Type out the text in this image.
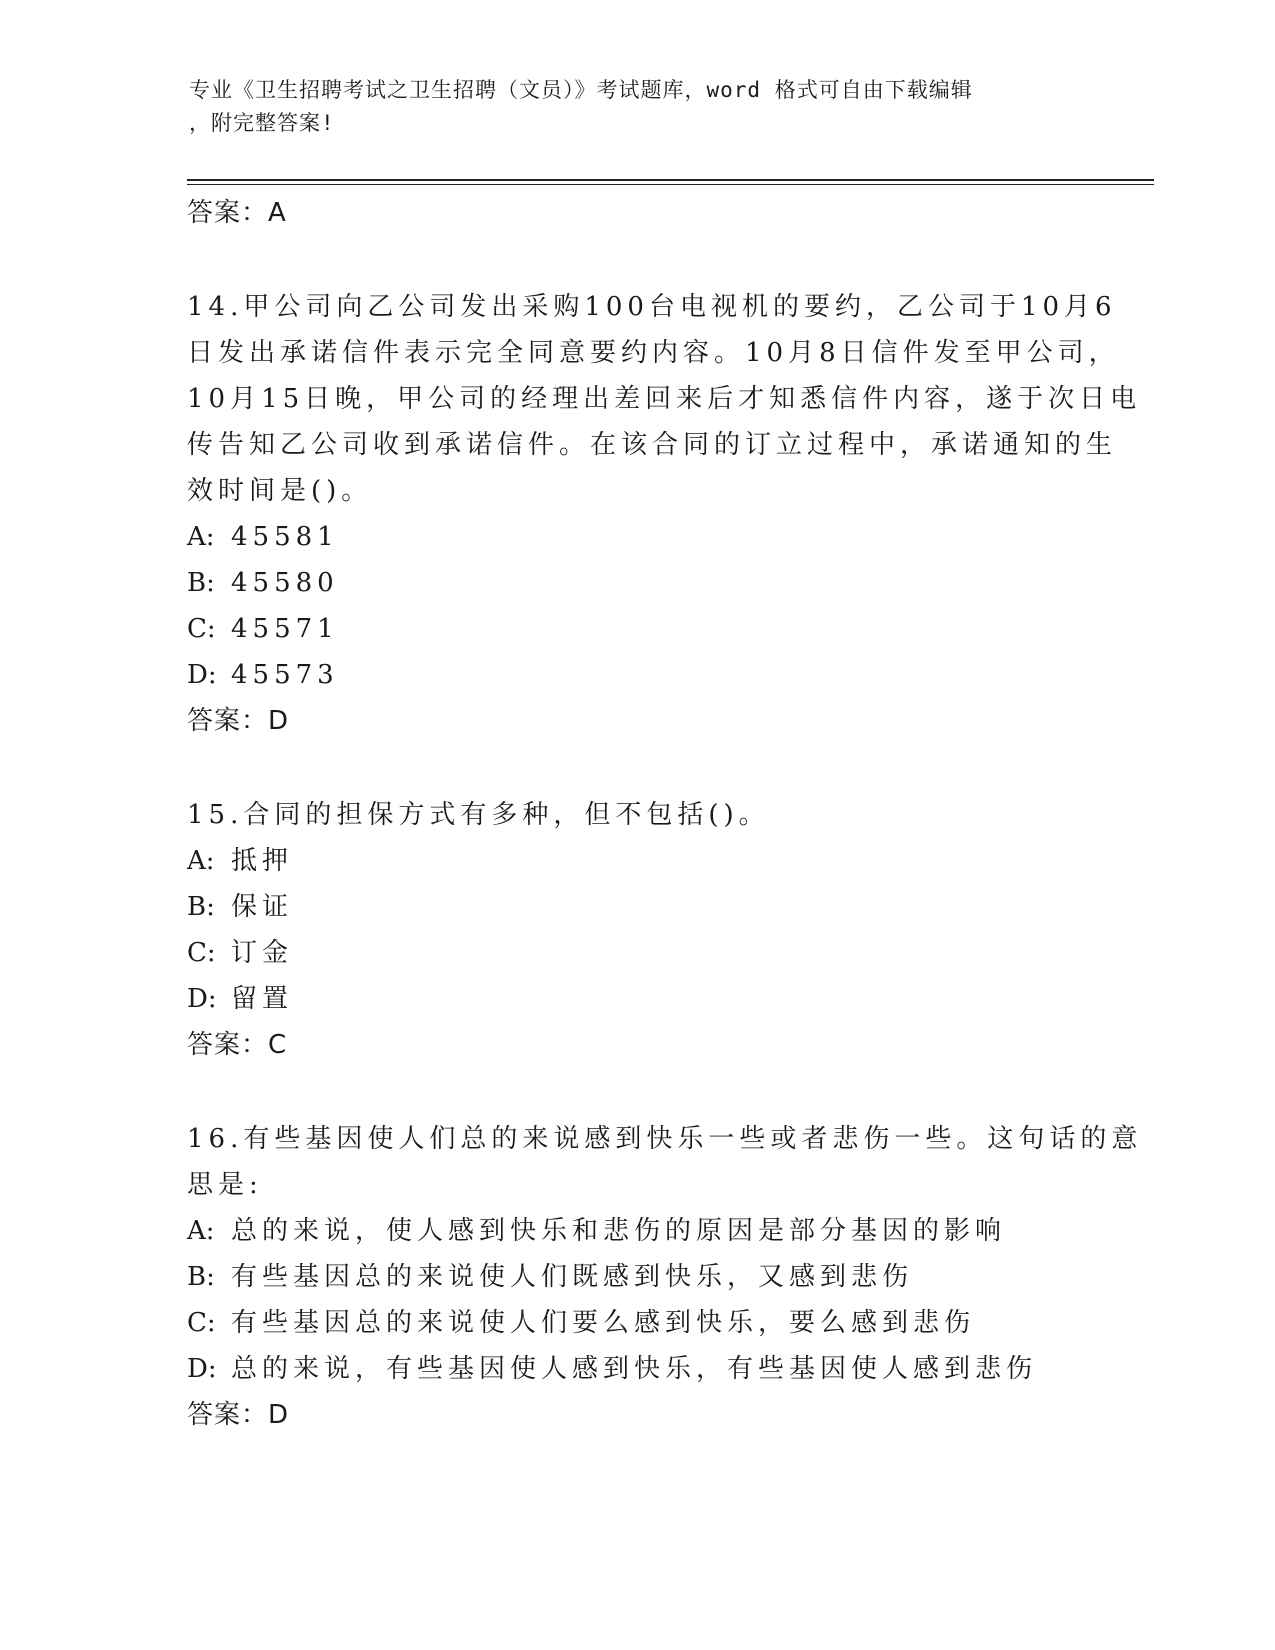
专业《卫生招聘考试之卫生招聘（文员）》考试题库，word 格式可自由下载编辑
，附完整答案!
答案：A
14.甲公司向乙公司发出采购100台电视机的要约，乙公司于10月6
日发出承诺信件表示完全同意要约内容。10月8日信件发至甲公司，
10月15日晚，甲公司的经理出差回来后才知悉信件内容，遂于次日电
传告知乙公司收到承诺信件。在该合同的订立过程中，承诺通知的生
效时间是()。
A: 45581
B: 45580
C: 45571
D: 45573
答案：D
15.合同的担保方式有多种，但不包括()。
A: 抵押
B: 保证
C: 订金
D: 留置
答案：C
16.有些基因使人们总的来说感到快乐一些或者悲伤一些。这句话的意
思是:
A: 总的来说，使人感到快乐和悲伤的原因是部分基因的影响
B: 有些基因总的来说使人们既感到快乐，又感到悲伤
C: 有些基因总的来说使人们要么感到快乐，要么感到悲伤
D: 总的来说，有些基因使人感到快乐，有些基因使人感到悲伤
答案：D
